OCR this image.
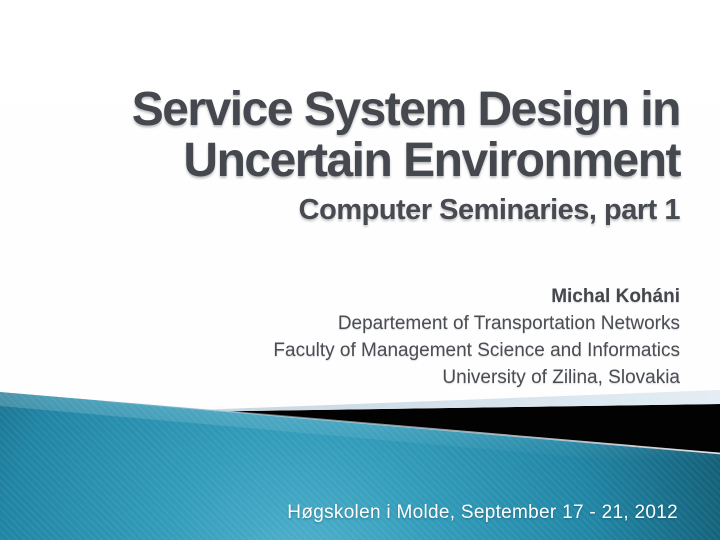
Service System Design in
Uncertain Environment
Computer Seminaries, part 1
Michal Koháni
Departement of Transportation Networks
Faculty of Management Science and Informatics
University of Zilina, Slovakia
Høgskolen i Molde, September 17 - 21, 2012
